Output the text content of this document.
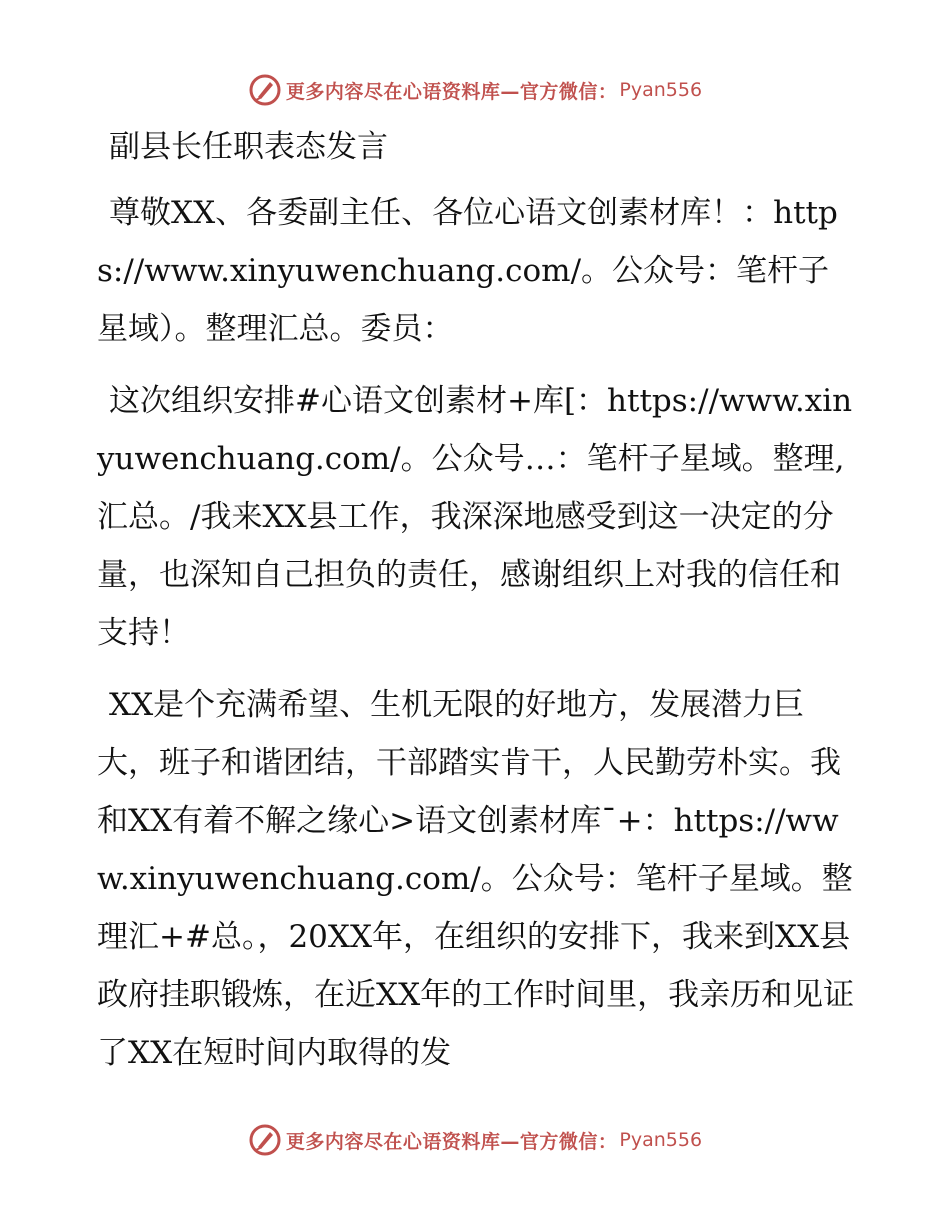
更多内容尽在心语资料库—官方微信： Pyan556

副县长任职表态发言

尊敬XX、各委副主任、各位心语文创素材库！：https://www.xinyuwenchuang.com/。公众号：笔杆子星域）。整理汇总。委员：

这次组织安排#心语文创素材+库[：https://www.xinyuwenchuang.com/。公众号…：笔杆子星域。整理,汇总。/我来XX县工作，我深深地感受到这一决定的分量，也深知自己担负的责任，感谢组织上对我的信任和支持！

XX是个充满希望、生机无限的好地方，发展潜力巨大，班子和谐团结，干部踏实肯干，人民勤劳朴实。我和XX有着不解之缘心>语文创素材库¯+：https://www.xinyuwenchuang.com/。公众号：笔杆子星域。整理汇+#总。，20XX年，在组织的安排下，我来到XX县政府挂职锻炼，在近XX年的工作时间里，我亲历和见证了XX在短时间内取得的发

更多内容尽在心语资料库—官方微信： Pyan556
